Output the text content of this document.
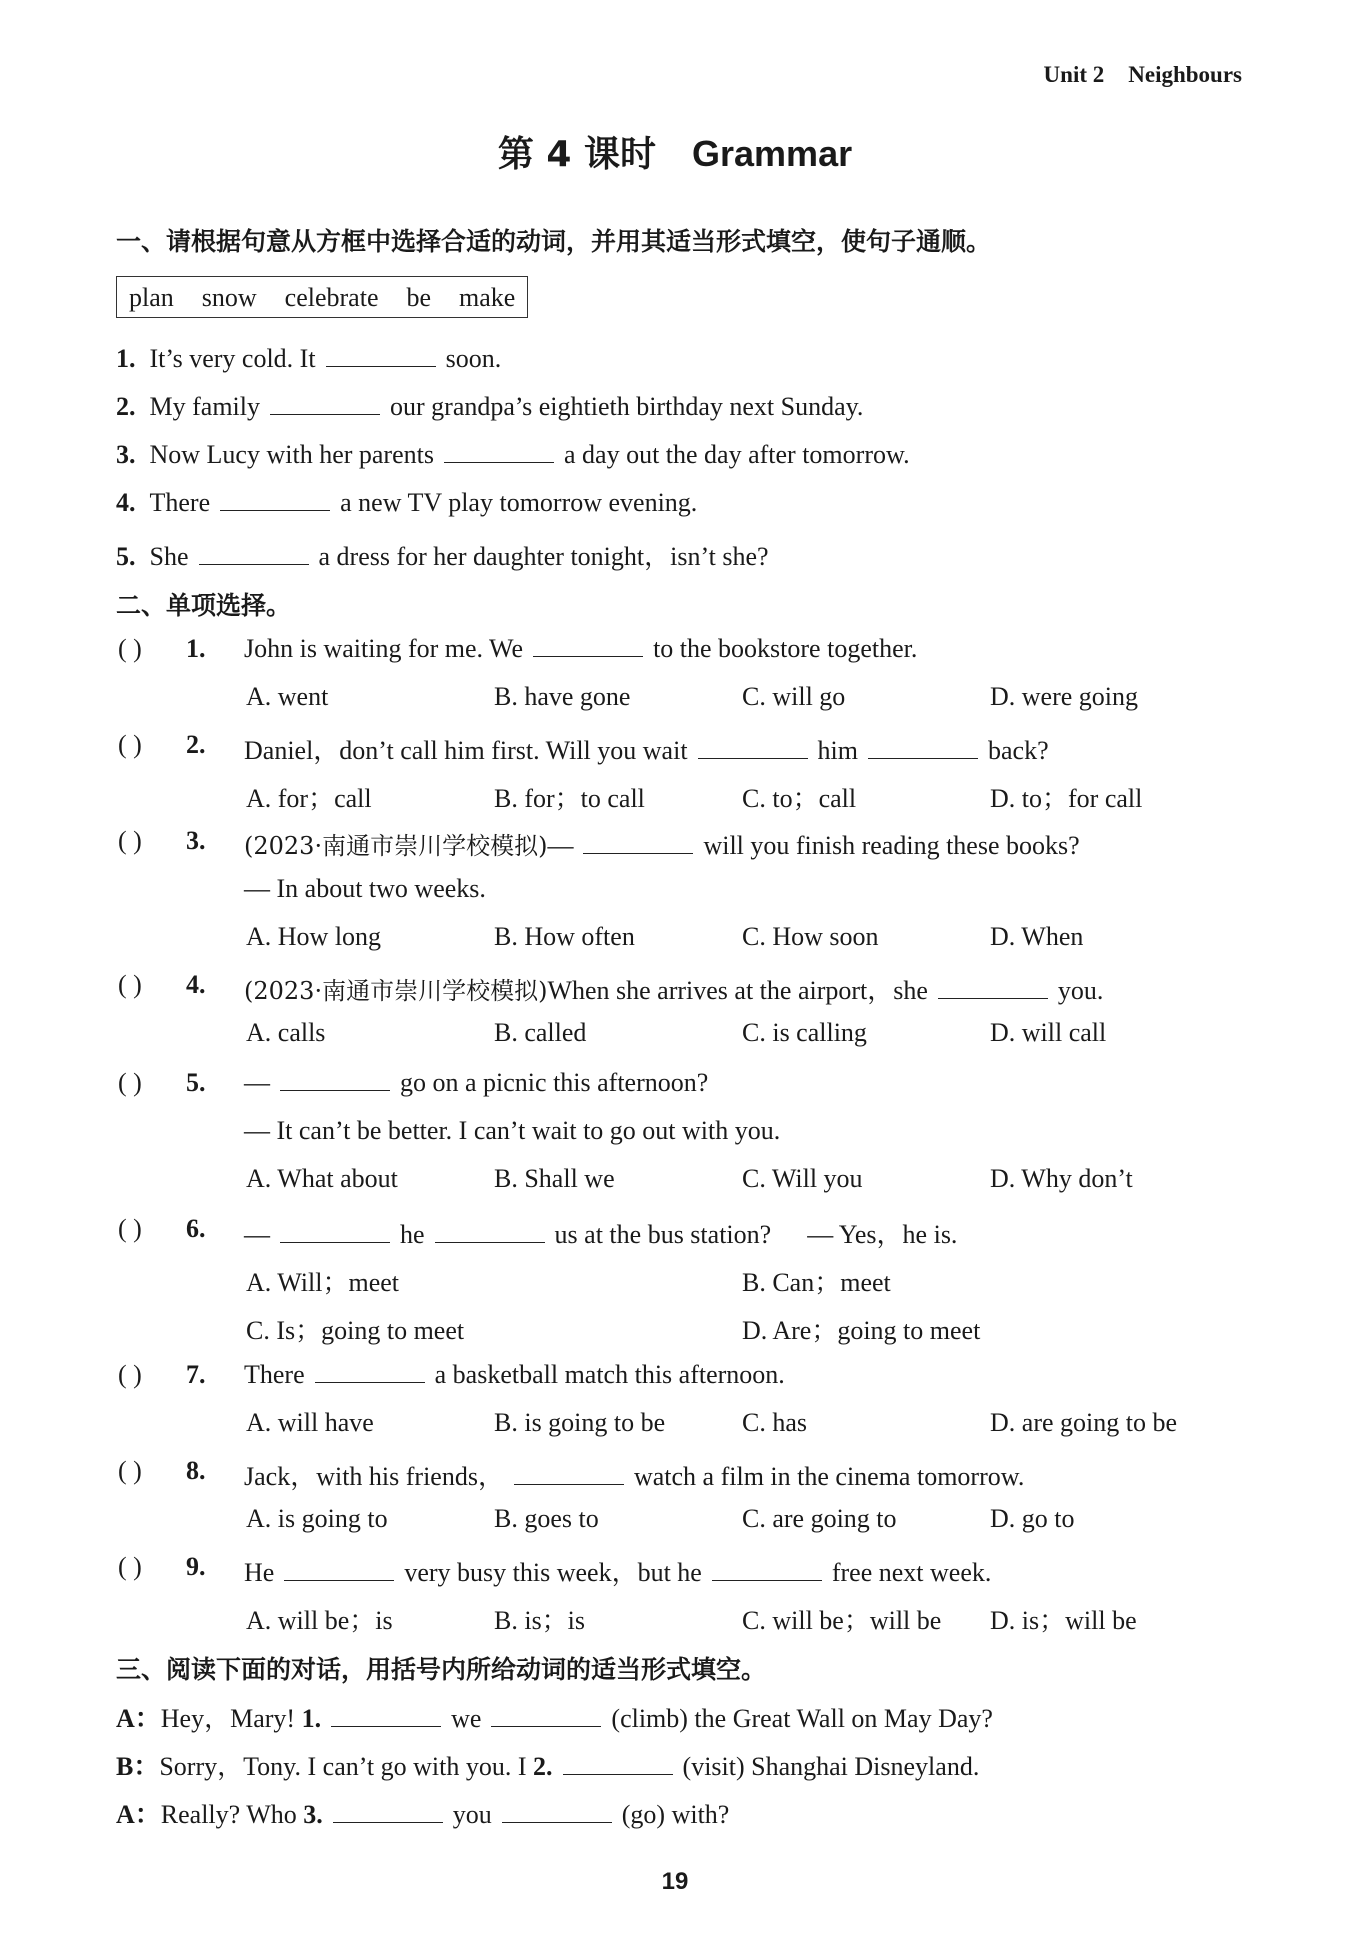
Unit 2 Neighbours
第 4 课时 Grammar
一、请根据句意从方框中选择合适的动词，并用其适当形式填空，使句子通顺。
plan snow celebrate be make
1. It’s very cold. It	soon.
2. My family	our grandpa’s eightieth birthday next Sunday.
3. Now Lucy with her parents	a day out the day after tomorrow.
4. There	a new TV play tomorrow evening.
5. She	a dress for her daughter tonight，isn’t she?
二、单项选择。
( ) 1. John is waiting for me. We	to the bookstore together.
A. went	B. have gone	C. will go	D. were going
( ) 2. Daniel，don’t call him first. Will you wait	him	back?
A. for；call	B. for；to call	C. to；call	D. to；for call
( ) 3. (2023·南通市崇川学校模拟)—	will you finish reading these books?
— In about two weeks.
A. How long	B. How often	C. How soon	D. When
( ) 4. (2023·南通市崇川学校模拟)When she arrives at the airport，she	you.
A. calls	B. called	C. is calling	D. will call
( ) 5. —	go on a picnic this afternoon?
— It can’t be better. I can’t wait to go out with you.
A. What about	B. Shall we	C. Will you	D. Why don’t
( ) 6. —	he	us at the bus station? — Yes，he is.
A. Will；meet	B. Can；meet
C. Is；going to meet	D. Are；going to meet
( ) 7. There	a basketball match this afternoon.
A. will have	B. is going to be	C. has	D. are going to be
( ) 8. Jack，with his friends，	watch a film in the cinema tomorrow.
A. is going to	B. goes to	C. are going to	D. go to
( ) 9. He	very busy this week，but he	free next week.
A. will be；is	B. is；is	C. will be；will be D. is；will be
三、阅读下面的对话，用括号内所给动词的适当形式填空。
A：Hey，Mary! 1.	we	(climb) the Great Wall on May Day?
B：Sorry，Tony. I can’t go with you. I 2.	(visit) Shanghai Disneyland.
A：Really? Who 3.	you	(go) with?
19
